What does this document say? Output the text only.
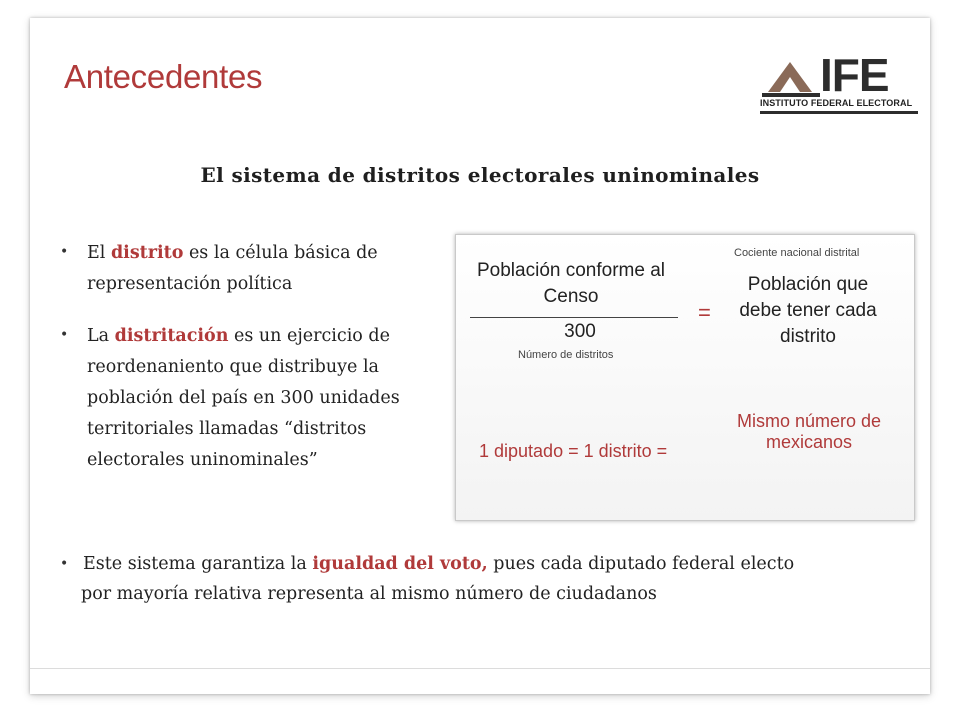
Antecedentes	IFE
INSTITUTO FEDERAL ELECTORAL
El sistema de distritos electorales uninominales
• El distrito es la célula básica de representación política
• La distritación es un ejercicio de reordenaniento que distribuye la población del país en 300 unidades territoriales llamadas “distritos electorales uninominales”
Población conforme al Censo
300
Número de distritos
=
Cociente nacional distrital
Población que debe tener cada distrito
Mismo número de mexicanos
1 diputado = 1 distrito =
• Este sistema garantiza la igualdad del voto, pues cada diputado federal electo
por mayoría relativa representa al mismo número de ciudadanos
